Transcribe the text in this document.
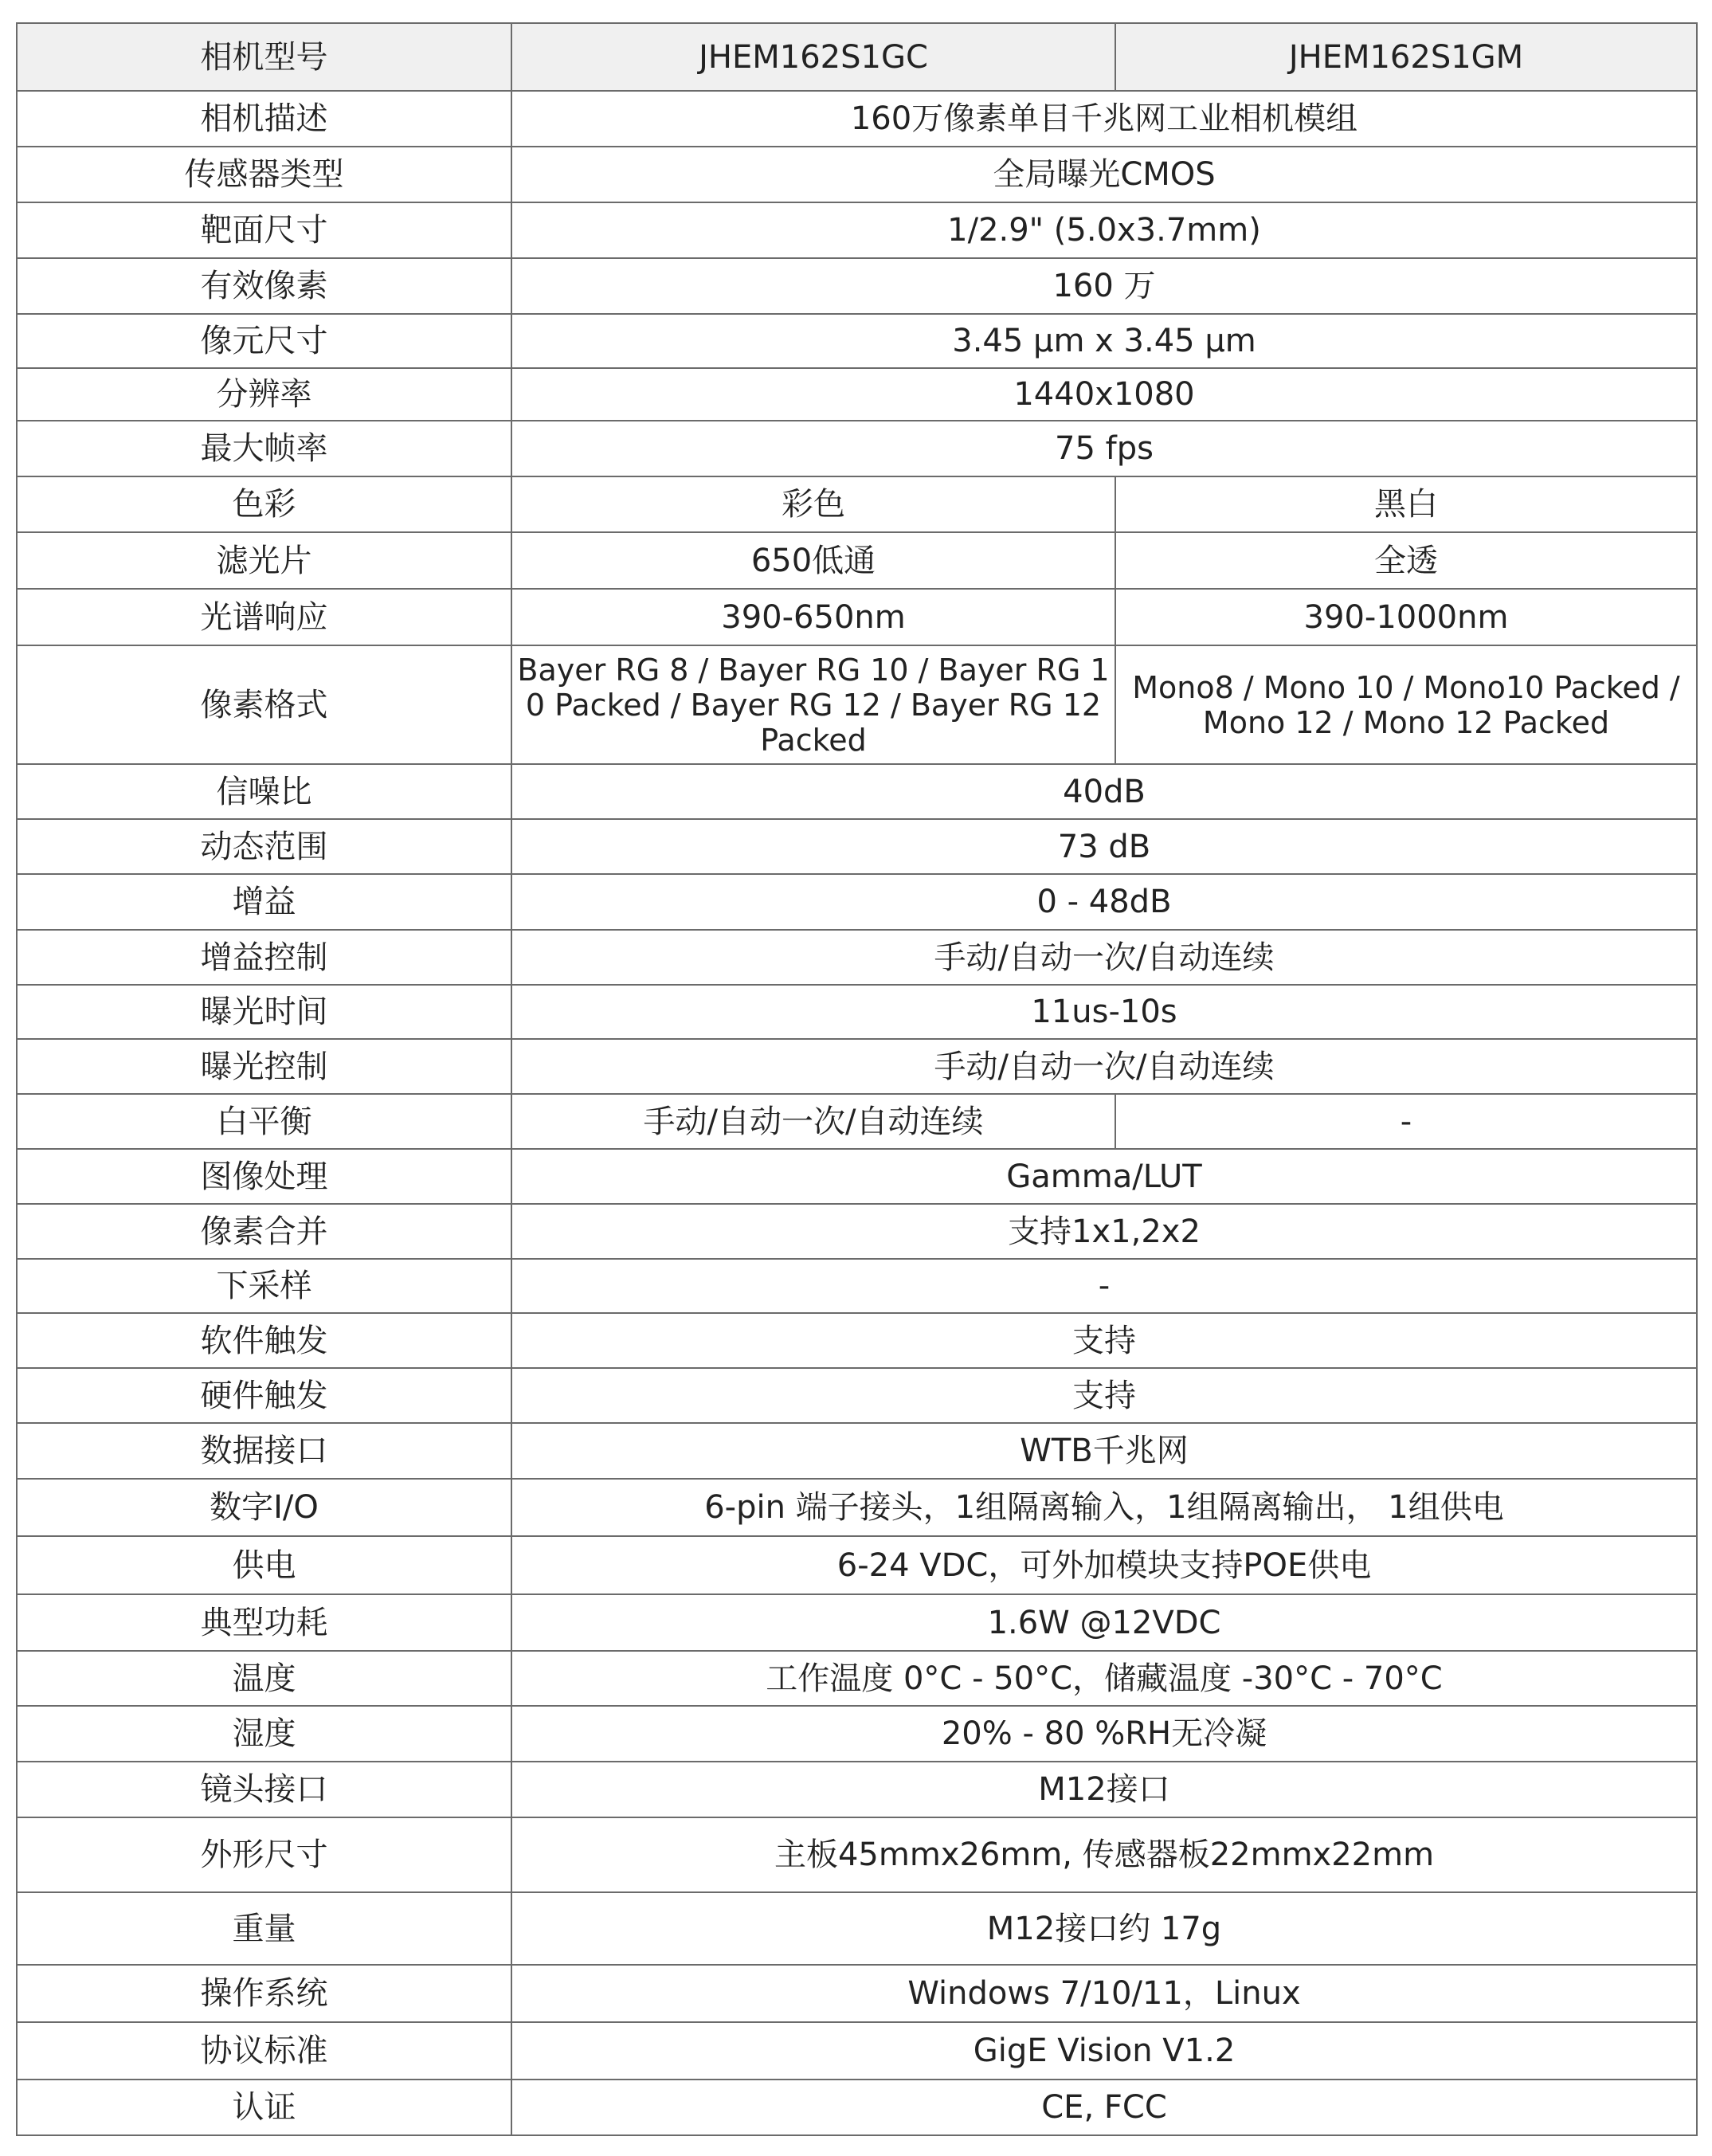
相机型号	JHEM162S1GC	JHEM162S1GM
相机描述	160万像素单目千兆网工业相机模组	
传感器类型	全局曝光CMOS	
靶面尺寸	1/2.9" (5.0x3.7mm)	
有效像素	160 万	
像元尺寸	3.45 µm x 3.45 µm	
分辨率	1440x1080	
最大帧率	75 fps	
色彩	彩色	黑白
滤光片	650低通	全透
光谱响应	390-650nm	390-1000nm
像素格式	Bayer RG 8 / Bayer RG 10 / Bayer RG 10 Packed / Bayer RG 12 / Bayer RG 12 Packed	Mono8 / Mono 10 / Mono10 Packed / Mono 12 / Mono 12 Packed
信噪比	40dB	
动态范围	73 dB	
增益	0 - 48dB	
增益控制	手动/自动一次/自动连续	
曝光时间	11us-10s	
曝光控制	手动/自动一次/自动连续	
白平衡	手动/自动一次/自动连续	-
图像处理	Gamma/LUT	
像素合并	支持1x1,2x2	
下采样	-	
软件触发	支持	
硬件触发	支持	
数据接口	WTB千兆网	
数字I/O	6-pin 端子接头，1组隔离输入，1组隔离输出， 1组供电	
供电	6-24 VDC，可外加模块支持POE供电	
典型功耗	1.6W @12VDC	
温度	工作温度 0°C - 50°C，储藏温度 -30°C - 70°C	
湿度	20% - 80 %RH无冷凝	
镜头接口	M12接口	
外形尺寸	主板45mmx26mm, 传感器板22mmx22mm	
重量	M12接口约 17g	
操作系统	Windows 7/10/11，Linux	
协议标准	GigE Vision V1.2	
认证	CE, FCC	
